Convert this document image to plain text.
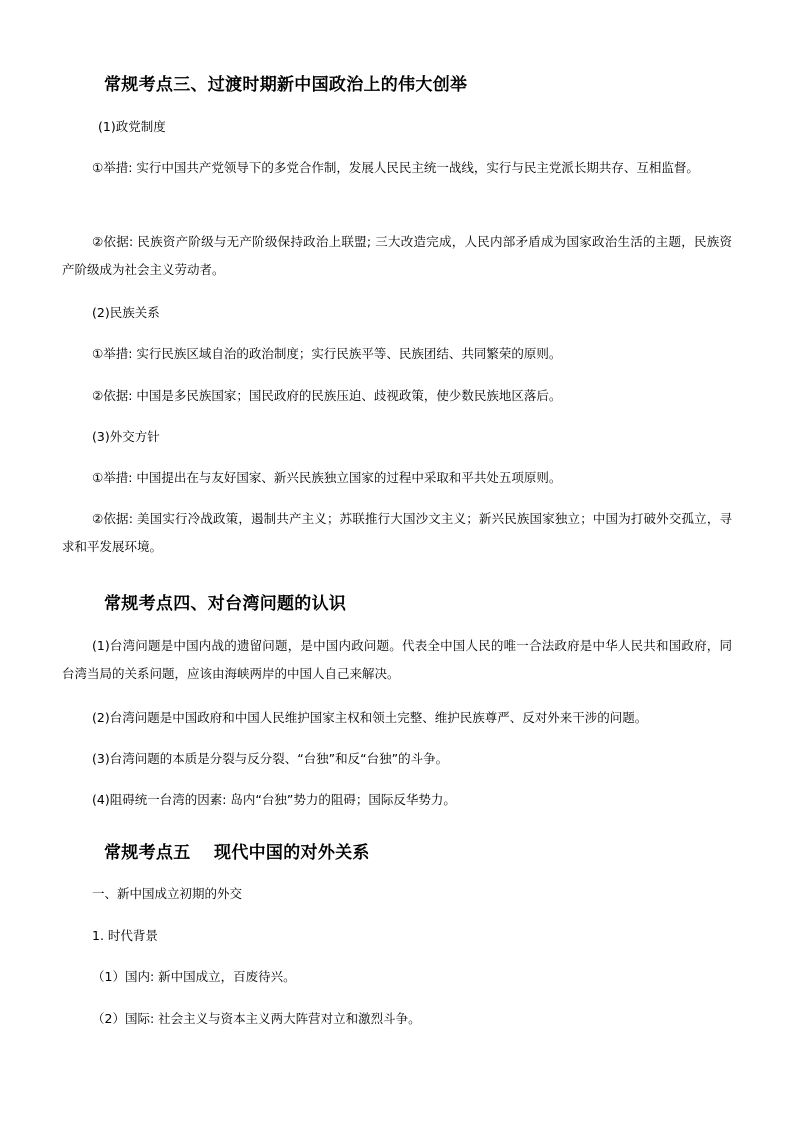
常规考点三、过渡时期新中国政治上的伟大创举
(1)政党制度
①举措: 实行中国共产党领导下的多党合作制，发展人民民主统一战线，实行与民主党派长期共存、互相监督。
②依据: 民族资产阶级与无产阶级保持政治上联盟; 三大改造完成，人民内部矛盾成为国家政治生活的主题，民族资产阶级成为社会主义劳动者。
(2)民族关系
①举措: 实行民族区域自治的政治制度；实行民族平等、民族团结、共同繁荣的原则。
②依据: 中国是多民族国家；国民政府的民族压迫、歧视政策，使少数民族地区落后。
(3)外交方针
①举措: 中国提出在与友好国家、新兴民族独立国家的过程中采取和平共处五项原则。
②依据: 美国实行冷战政策，遏制共产主义；苏联推行大国沙文主义；新兴民族国家独立；中国为打破外交孤立，寻求和平发展环境。
常规考点四、对台湾问题的认识
(1)台湾问题是中国内战的遗留问题，是中国内政问题。代表全中国人民的唯一合法政府是中华人民共和国政府，同台湾当局的关系问题，应该由海峡两岸的中国人自己来解决。
(2)台湾问题是中国政府和中国人民维护国家主权和领土完整、维护民族尊严、反对外来干涉的问题。
(3)台湾问题的本质是分裂与反分裂、“台独”和反“台独”的斗争。
(4)阻碍统一台湾的因素: 岛内“台独”势力的阻碍；国际反华势力。
常规考点五　 现代中国的对外关系
一、新中国成立初期的外交
1. 时代背景
（1）国内: 新中国成立，百废待兴。
（2）国际: 社会主义与资本主义两大阵营对立和激烈斗争。
